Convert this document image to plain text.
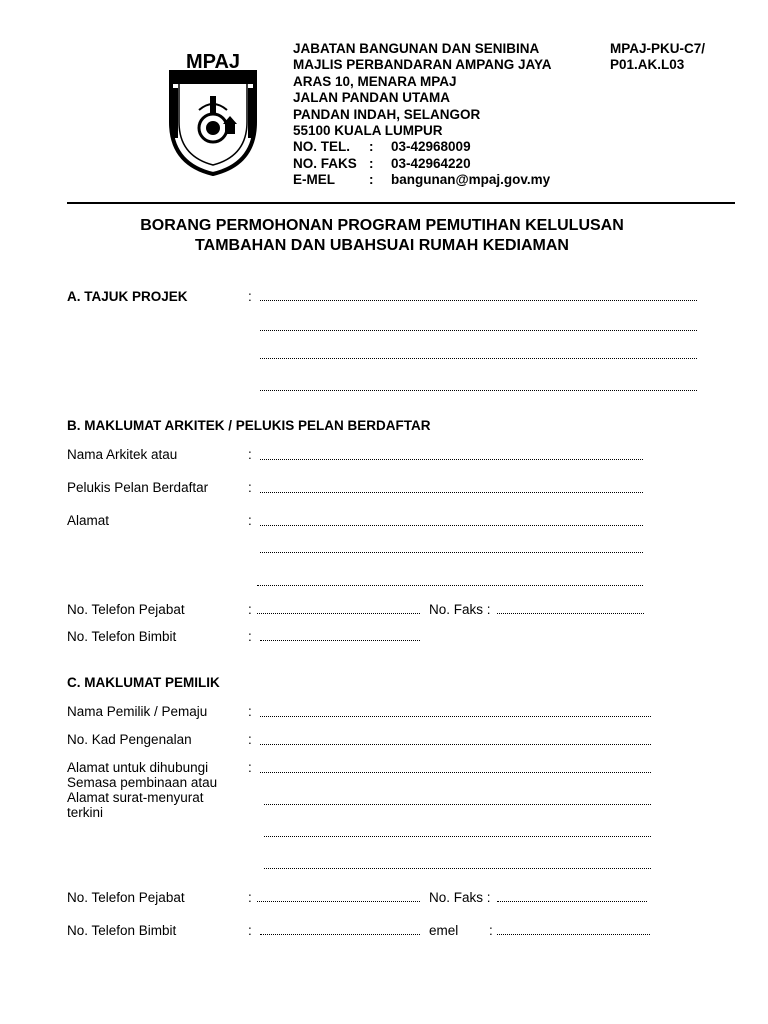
MPAJ
JABATAN BANGUNAN DAN SENIBINA
MAJLIS PERBANDARAN AMPANG JAYA
ARAS 10, MENARA MPAJ
JALAN PANDAN UTAMA
PANDAN INDAH, SELANGOR
55100 KUALA LUMPUR
NO. TEL. : 03-42968009
NO. FAKS : 03-42964220
E-MEL	: bangunan@mpaj.gov.my
MPAJ-PKU-C7/
P01.AK.L03
BORANG PERMOHONAN PROGRAM PEMUTIHAN KELULUSAN
TAMBAHAN DAN UBAHSUAI RUMAH KEDIAMAN
A. TAJUK PROJEK	:
B. MAKLUMAT ARKITEK / PELUKIS PELAN BERDAFTAR
Nama Arkitek atau	:
Pelukis Pelan Berdaftar	:
Alamat	:
No. Telefon Pejabat	:	No. Faks :
No. Telefon Bimbit	:
C. MAKLUMAT PEMILIK
Nama Pemilik / Pemaju	:
No. Kad Pengenalan	:
Alamat untuk dihubungi
Semasa pembinaan atau
Alamat surat-menyurat
terkini
:
No. Telefon Pejabat	:	No. Faks :
No. Telefon Bimbit	:	emel :
